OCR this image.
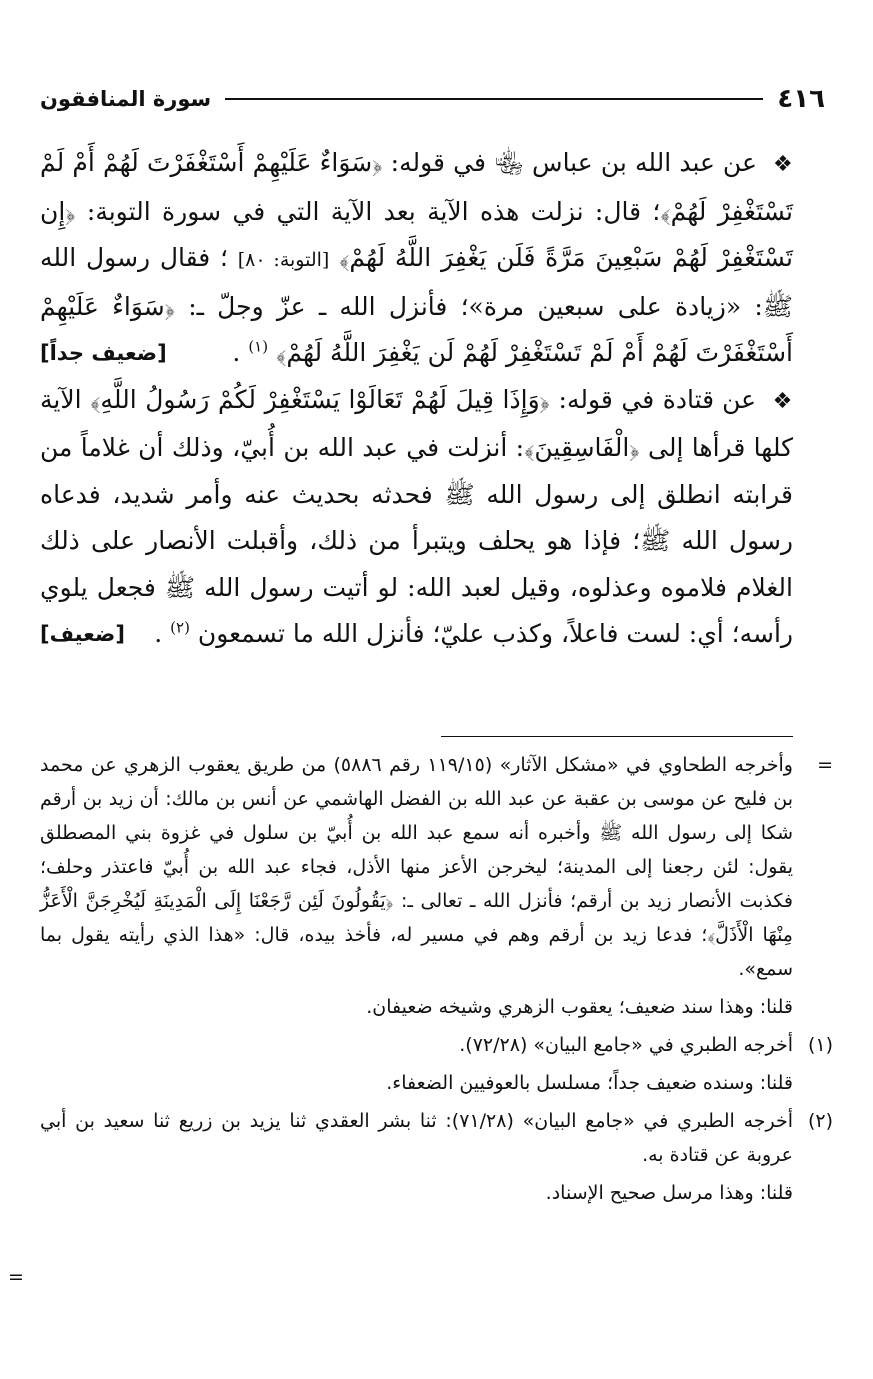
٤١٦
سورة المنافقون

❖ عن عبد الله بن عباس ﵄ في قوله: ﴿سَوَاءٌ عَلَيْهِمْ أَسْتَغْفَرْتَ لَهُمْ أَمْ لَمْ تَسْتَغْفِرْ لَهُمْ﴾؛ قال: نزلت هذه الآية بعد الآية التي في سورة التوبة: ﴿إِن تَسْتَغْفِرْ لَهُمْ سَبْعِينَ مَرَّةً فَلَن يَغْفِرَ اللَّهُ لَهُمْ﴾ [التوبة: ٨٠] ؛ فقال رسول الله ﷺ: «زيادة على سبعين مرة»؛ فأنزل الله ـ عزّ وجلّ ـ: ﴿سَوَاءٌ عَلَيْهِمْ أَسْتَغْفَرْتَ لَهُمْ أَمْ لَمْ تَسْتَغْفِرْ لَهُمْ لَن يَغْفِرَ اللَّهُ لَهُمْ﴾ $^{(١)}$ .
[ضعيف جداً]

❖ عن قتادة في قوله: ﴿وَإِذَا قِيلَ لَهُمْ تَعَالَوْا يَسْتَغْفِرْ لَكُمْ رَسُولُ اللَّهِ﴾ الآية كلها قرأها إلى ﴿الْفَاسِقِينَ﴾: أنزلت في عبد الله بن أُبيّ، وذلك أن غلاماً من قرابته انطلق إلى رسول الله ﷺ فحدثه بحديث عنه وأمر شديد، فدعاه رسول الله ﷺ؛ فإذا هو يحلف ويتبرأ من ذلك، وأقبلت الأنصار على ذلك الغلام فلاموه وعذلوه، وقيل لعبد الله: لو أتيت رسول الله ﷺ فجعل يلوي رأسه؛ أي: لست فاعلاً، وكذب عليّ؛ فأنزل الله ما تسمعون $^{(٢)}$ .
[ضعيف]

=
وأخرجه الطحاوي في «مشكل الآثار» (١١٩/١٥ رقم ٥٨٨٦) من طريق يعقوب الزهري عن محمد بن فليح عن موسى بن عقبة عن عبد الله بن الفضل الهاشمي عن أنس بن مالك: أن زيد بن أرقم شكا إلى رسول الله ﷺ وأخبره أنه سمع عبد الله بن أُبيّ بن سلول في غزوة بني المصطلق يقول: لئن رجعنا إلى المدينة؛ ليخرجن الأعز منها الأذل، فجاء عبد الله بن أُبيّ فاعتذر وحلف؛ فكذبت الأنصار زيد بن أرقم؛ فأنزل الله ـ تعالى ـ: ﴿يَقُولُونَ لَئِن رَّجَعْنَا إِلَى الْمَدِينَةِ لَيُخْرِجَنَّ الْأَعَزُّ مِنْهَا الْأَذَلَّ﴾؛ فدعا زيد بن أرقم وهم في مسير له، فأخذ بيده، قال: «هذا الذي رأيته يقول بما سمع».
قلنا: وهذا سند ضعيف؛ يعقوب الزهري وشيخه ضعيفان.
(١)
أخرجه الطبري في «جامع البيان» (٧٢/٢٨).
قلنا: وسنده ضعيف جداً؛ مسلسل بالعوفيين الضعفاء.
(٢)
أخرجه الطبري في «جامع البيان» (٧١/٢٨): ثنا بشر العقدي ثنا يزيد بن زريع ثنا سعيد بن أبي عروبة عن قتادة به.
قلنا: وهذا مرسل صحيح الإسناد.
=
